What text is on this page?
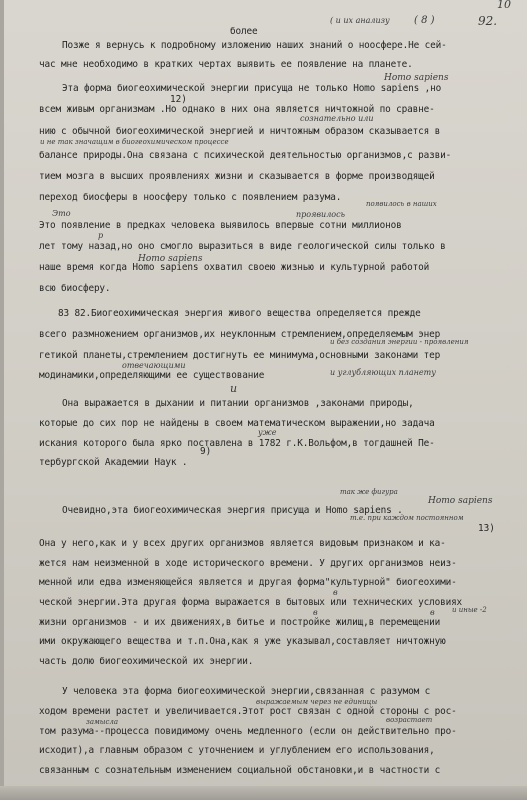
92.
10
более
Позже я вернусь к подробному изложению наших знаний о ноосфере.Не сей-
час мне необходимо в кратких чертах выявить ее появление на планете.
Эта форма биогеохимической энергии присуща не только Homo sapiens ,но
всем живым организмам .Но однако в них она является ничтожной по сравне-
нию с обычной биогеохимической энергией и ничтожным образом сказывается в
балансе природы.Она связана с психической деятельностью организмов,с разви-
тием мозга в высших проявлениях жизни и сказывается в форме производящей
переход биосферы в ноосферу только с появлением разума.
Это появление в предках человека выявилось впервые сотни миллионов
лет тому назад,но оно смогло выразиться в виде геологической силы только в
наше время когда Homo sapiens охватил своею жизнью и культурной работой
всю биосферу.
83 82.Биогеохимическая энергия живого вещества определяется прежде
всего размножением организмов,их неуклонным стремлением,определяемым энер
гетикой планеты,стремлением достигнуть ее минимума,основными законами тер
модинамики,определяющими ее существование
Она выражается в дыхании и питании организмов ,законами природы,
которые до сих пор не найдены в своем математическом выражении,но задача
искания которого была ярко поставлена в 1782 г.К.Вольфом,в тогдашней Пе-
тербургской Академии Наук .
Очевидно,эта биогеохимическая энергия присуща и Homo sapiens .
Она у него,как и у всех других организмов является видовым признаком и ка-
жется нам неизменной в ходе исторического времени. У других организмов неиз-
менной или едва изменяющейся является и другая форма"культурной" биогеохими-
ческой энергии.Эта другая форма выражается в бытовых или технических условиях
жизни организмов - и их движениях,в битье и постройке жилищ,в перемещении
ими окружающего вещества и т.п.Она,как я уже указывал,составляет ничтожную
часть долю биогеохимической их энергии.
У человека эта форма биогеохимической энергии,связанная с разумом с
ходом времени растет и увеличивается.Этот рост связан с одной стороны с рос-
том разума--процесса повидимому очень медленного (если он действительно про-
исходит),а главным образом с уточнением и углублением его использования,
связанным с сознательным изменением социальной обстановки,и в частности с
12)
9)
13)
( и их анализу ( 8 )
Homo sapiens
сознательно или
и не так значащим в биогеохимическом процессе
проявилось
появилось в наших
Это
р
Homo sapiens
отвечающими
и без создания энергии - проявления
и углубляющих планету
и
уже
так же фигура
Homo sapiens
т.е. при каждом постоянном
в
в	и иные -2
в
выражаемым через не единицы
возрастает
замысла
